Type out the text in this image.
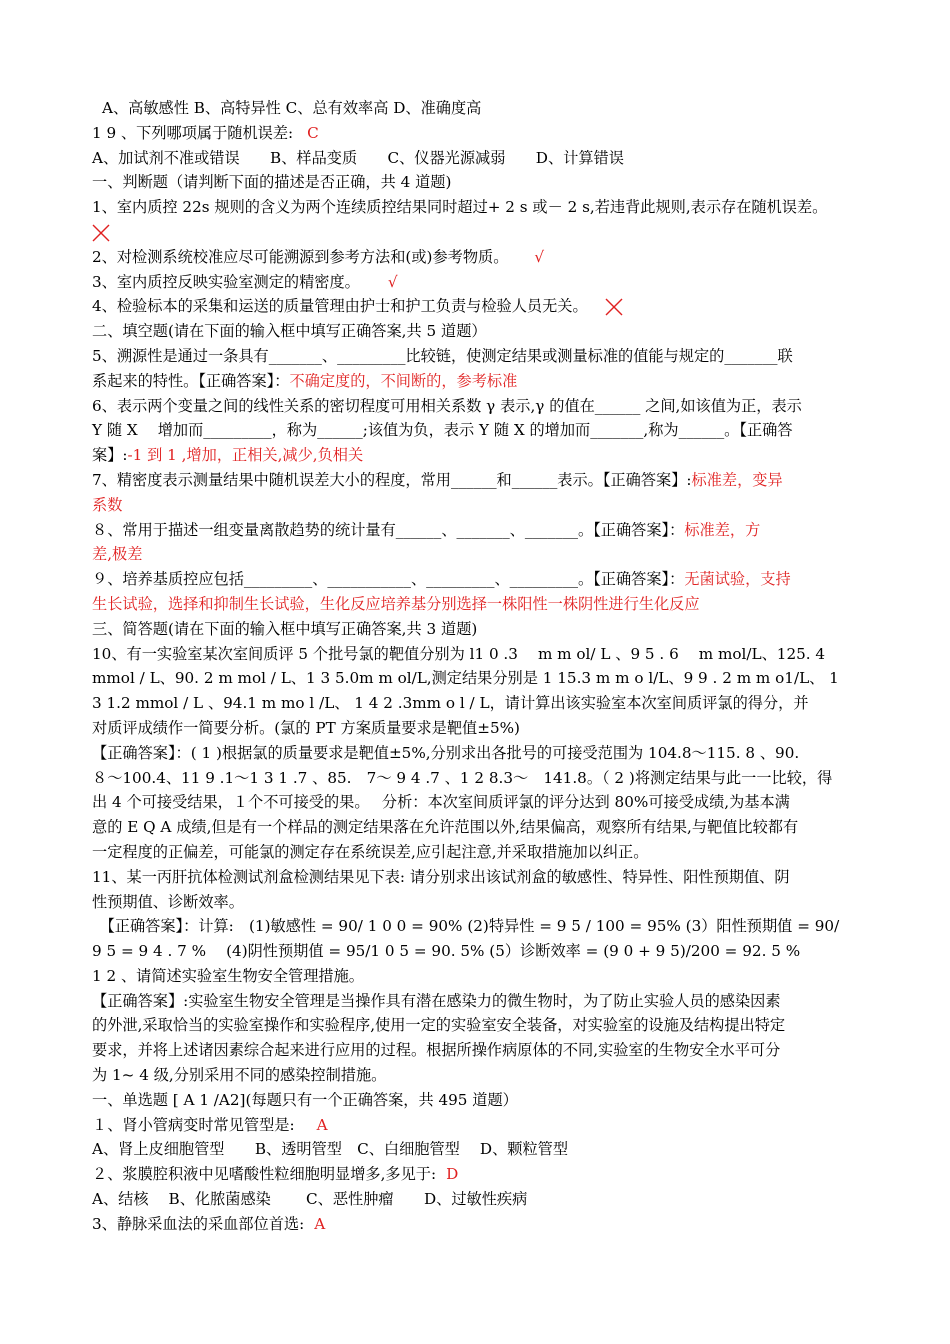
A、高敏感性 B、高特异性 C、总有效率高 D、准确度高
1 9 、下列哪项属于随机误差: C
A、加试剂不准或错误　　B、样品变质　　C、仪器光源减弱　　D、计算错误
一、判断题（请判断下面的描述是否正确，共 4 道题)
1、室内质控 22s 规则的含义为两个连续质控结果同时超过+ 2 s 或－ 2 s,若违背此规则,表示存在随机误差。
2、对检测系统校准应尽可能溯源到参考方法和(或)参考物质。 √
3、室内质控反映实验室测定的精密度。 √
4、检验标本的采集和运送的质量管理由护士和护工负责与检验人员无关。
二、填空题(请在下面的输入框中填写正确答案,共 5 道题）
5、溯源性是通过一条具有_______、_________比较链，使测定结果或测量标准的值能与规定的_______联
系起来的特性。【正确答案】：不确定度的，不间断的，参考标准
6、表示两个变量之间的线性关系的密切程度可用相关系数 γ 表示,γ 的值在______ 之间,如该值为正，表示
Y 随 X　 增加而_________，称为______;该值为负，表示 Y 随 X 的增加而_______,称为______。【正确答
案】:-1 到 1 ,增加，正相关,减少,负相关
7、精密度表示测量结果中随机误差大小的程度，常用______和______表示。【正确答案】:标准差，变异
系数
８、常用于描述一组变量离散趋势的统计量有______、_______、_______。【正确答案】：标准差，方
差,极差
９、培养基质控应包括_________、___________、_________、_________。【正确答案】：无菌试验，支持
生长试验，选择和抑制生长试验，生化反应培养基分别选择一株阳性一株阴性进行生化反应
三、简答题(请在下面的输入框中填写正确答案,共 3 道题)
10、有一实验室某次室间质评 5 个批号氯的靶值分别为 l1 0 .3　 m m ol/ L 、9 5 . 6　 m mol/L、125. 4
mmol / L、90. 2 m mol / L、1 3 5.0m m ol/L,测定结果分别是 1 15.3 m m o l/L、9 9 . 2 m m o1/L、 1
3 1.2 mmol / L 、94.1 m mo l /L、 1 4 2 .3mm o l / L，请计算出该实验室本次室间质评氯的得分，并
对质评成绩作一简要分析。(氯的 PT 方案质量要求是靶值±5%)
【正确答案】：( 1 )根据氯的质量要求是靶值±5%,分别求出各批号的可接受范围为 104.8～115. 8 、90.
８～100.4、11 9 .1～1 3 1 .7 、85.　7～ 9 4 .7 、1 2 8.3～　141.8。（ 2 )将测定结果与此一一比较，得
出 4 个可接受结果，１个不可接受的果。　 分析：本次室间质评氯的评分达到 80%可接受成绩,为基本满
意的 E Q A 成绩,但是有一个样品的测定结果落在允许范围以外,结果偏高，观察所有结果,与靶值比较都有
一定程度的正偏差，可能氯的测定存在系统误差,应引起注意,并采取措施加以纠正。
11、某一丙肝抗体检测试剂盒检测结果见下表: 请分别求出该试剂盒的敏感性、特异性、阳性预期值、阴
性预期值、诊断效率。
　【正确答案】：计算:　(1)敏感性 = 90/ 1 0 0 = 90% (2)特异性 = 9 5 / 100 = 95% (3）阳性预期值 = 90/
9 5 = 9 4 . 7 %　 (4)阴性预期值 = 95/1 0 5 = 90. 5% (5）诊断效率 = (9 0 + 9 5)/200 = 92. 5 %
1 2 、请简述实验室生物安全管理措施。
【正确答案】:实验室生物安全管理是当操作具有潜在感染力的微生物时，为了防止实验人员的感染因素
的外泄,采取恰当的实验室操作和实验程序,使用一定的实验室安全装备，对实验室的设施及结构提出特定
要求，并将上述诸因素综合起来进行应用的过程。根据所操作病原体的不同,实验室的生物安全水平可分
为 1~ 4 级,分别采用不同的感染控制措施。
一、单选题 [ A 1 /A2](每题只有一个正确答案，共 495 道题）
１、肾小管病变时常见管型是: A
A、肾上皮细胞管型　　B、透明管型　C、白细胞管型　 D、颗粒管型
２、浆膜腔积液中见嗜酸性粒细胞明显增多,多见于: D
A、结核　 B、化脓菌感染　　 C、恶性肿瘤　　D、过敏性疾病
3、静脉采血法的采血部位首选: A
